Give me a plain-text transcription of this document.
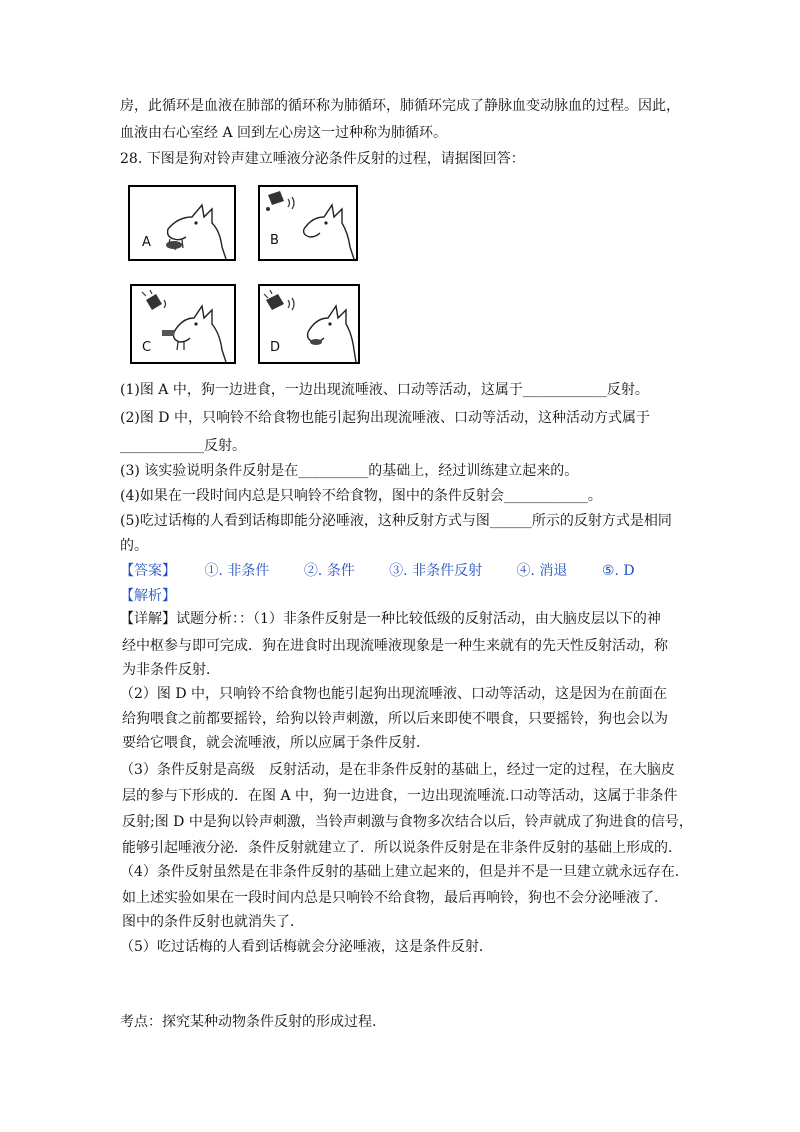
房，此循环是血液在肺部的循环称为肺循环，肺循环完成了静脉血变动脉血的过程。因此，
血液由右心室经 A 回到左心房这一过种称为肺循环。
28. 下图是狗对铃声建立唾液分泌条件反射的过程，请据图回答：
A	B
C	D
(1)图 A 中，狗一边进食，一边出现流唾液、口动等活动，这属于____________反射。
(2)图 D 中，只响铃不给食物也能引起狗出现流唾液、口动等活动，这种活动方式属于
____________反射。
(3) 该实验说明条件反射是在__________的基础上，经过训练建立起来的。
(4)如果在一段时间内总是只响铃不给食物，图中的条件反射会____________。
(5)吃过话梅的人看到话梅即能分泌唾液，这种反射方式与图______所示的反射方式是相同
的。
【答案】 ①. 非条件 ②. 条件 ③. 非条件反射 ④. 消退 ⑤. D
【解析】
【详解】试题分析：：（1）非条件反射是一种比较低级的反射活动，由大脑皮层以下的神
经中枢参与即可完成．狗在进食时出现流唾液现象是一种生来就有的先天性反射活动，称
为非条件反射．
（2）图 D 中，只响铃不给食物也能引起狗出现流唾液、口动等活动，这是因为在前面在
给狗喂食之前都要摇铃，给狗以铃声刺激，所以后来即使不喂食，只要摇铃，狗也会以为
要给它喂食，就会流唾液，所以应属于条件反射．
（3）条件反射是高级　反射活动，是在非条件反射的基础上，经过一定的过程，在大脑皮
层的参与下形成的．在图 A 中，狗一边进食，一边出现流唾流.口动等活动，这属于非条件
反射;图 D 中是狗以铃声刺激，当铃声刺激与食物多次结合以后，铃声就成了狗进食的信号，
能够引起唾液分泌．条件反射就建立了．所以说条件反射是在非条件反射的基础上形成的．
（4）条件反射虽然是在非条件反射的基础上建立起来的，但是并不是一旦建立就永远存在．
如上述实验如果在一段时间内总是只响铃不给食物，最后再响铃，狗也不会分泌唾液了．
图中的条件反射也就消失了．
（5）吃过话梅的人看到话梅就会分泌唾液，这是条件反射．
考点：探究某种动物条件反射的形成过程.
